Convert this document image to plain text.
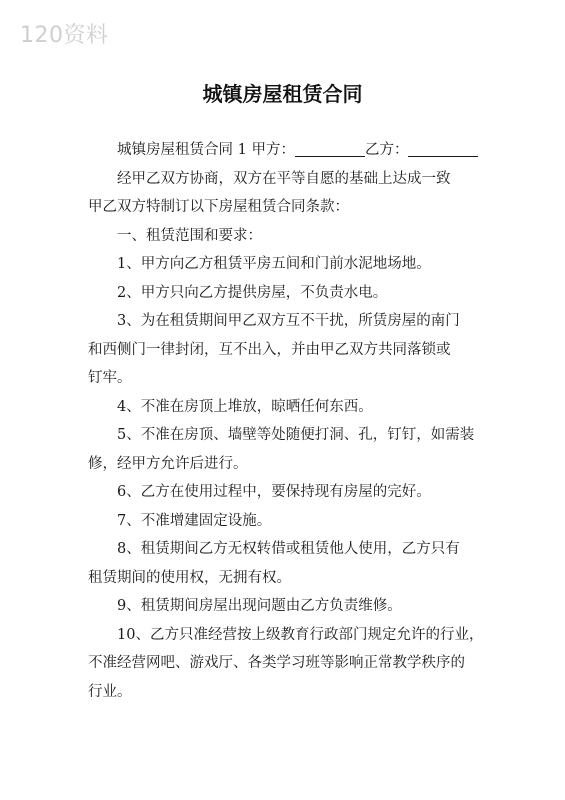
120资料
城镇房屋租赁合同
城镇房屋租赁合同 1 甲方：	乙方：
经甲乙双方协商，双方在平等自愿的基础上达成一致
甲乙双方特制订以下房屋租赁合同条款：
一、租赁范围和要求：
1、甲方向乙方租赁平房五间和门前水泥地场地。
2、甲方只向乙方提供房屋，不负责水电。
3、为在租赁期间甲乙双方互不干扰，所赁房屋的南门
和西侧门一律封闭，互不出入，并由甲乙双方共同落锁或
钉牢。
4、不准在房顶上堆放，晾晒任何东西。
5、不准在房顶、墙壁等处随便打洞、孔，钉钉，如需装
修，经甲方允许后进行。
6、乙方在使用过程中，要保持现有房屋的完好。
7、不准增建固定设施。
8、租赁期间乙方无权转借或租赁他人使用，乙方只有
租赁期间的使用权，无拥有权。
9、租赁期间房屋出现问题由乙方负责维修。
10、乙方只准经营按上级教育行政部门规定允许的行业，
不准经营网吧、游戏厅、各类学习班等影响正常教学秩序的
行业。
